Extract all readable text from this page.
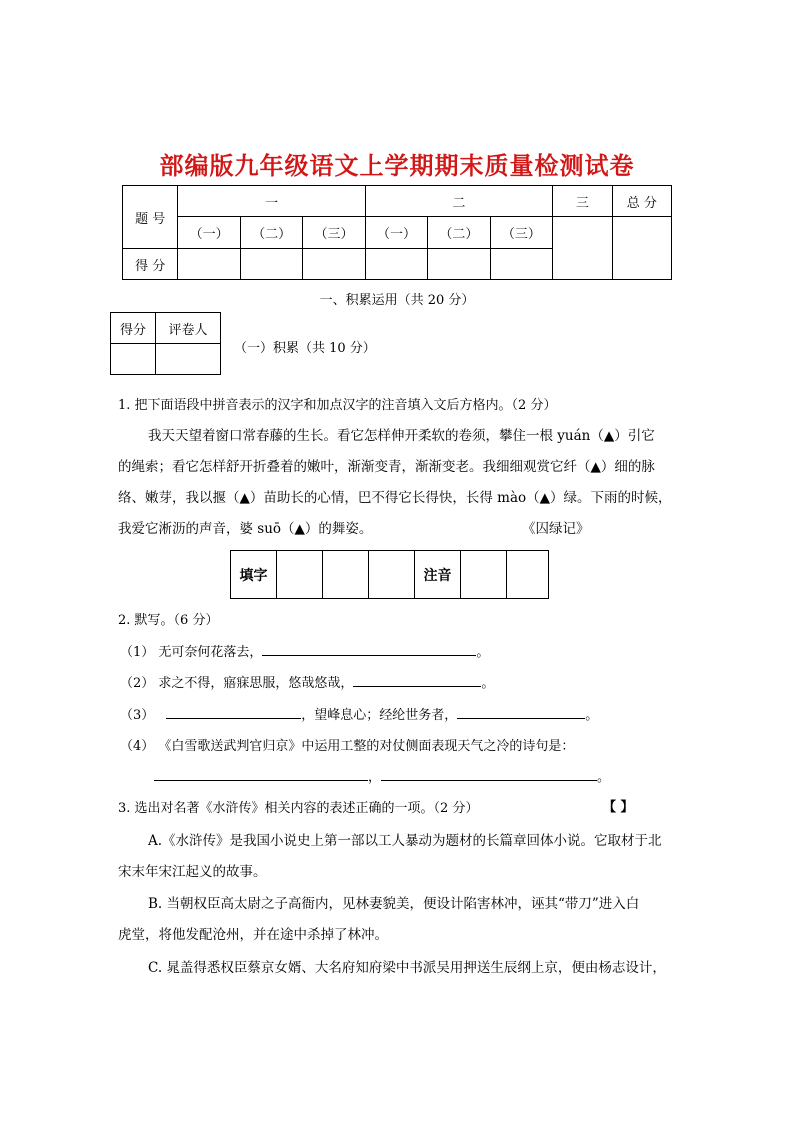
部编版九年级语文上学期期末质量检测试卷
题 号	一			二			三	总 分
	（一）	（二）	（三）	（一）	（二）	（三）		
得 分								
一、积累运用（共 20 分）
得分	评卷人

（一）积累（共 10 分）
1. 把下面语段中拼音表示的汉字和加点汉字的注音填入文后方格内。（2 分）
我天天望着窗口常春藤的生长。看它怎样伸开柔软的卷须，攀住一根 yuán（▲）引它
的绳索；看它怎样舒开折叠着的嫩叶，渐渐变青，渐渐变老。我细细观赏它纤（▲）细的脉
络、嫩芽，我以揠（▲）苗助长的心情，巴不得它长得快，长得 mào（▲）绿。下雨的时候，
我爱它淅沥的声音，婆 suō（▲）的舞姿。	《囚绿记》
填字				注音		
2. 默写。（6 分）
（1） 无可奈何花落去，	。
（2） 求之不得，寤寐思服，悠哉悠哉，	。
（3）	，望峰息心；经纶世务者，	。
（4） 《白雪歌送武判官归京》中运用工整的对仗侧面表现天气之冷的诗句是：
，	。
3. 选出对名著《水浒传》相关内容的表述正确的一项。（2 分）	【 】
A.《水浒传》是我国小说史上第一部以工人暴动为题材的长篇章回体小说。它取材于北
宋末年宋江起义的故事。
B. 当朝权臣高太尉之子高衙内，见林妻貌美，便设计陷害林冲，诬其“带刀”进入白
虎堂，将他发配沧州，并在途中杀掉了林冲。
C. 晁盖得悉权臣蔡京女婿、大名府知府梁中书派吴用押送生辰纲上京，便由杨志设计，
